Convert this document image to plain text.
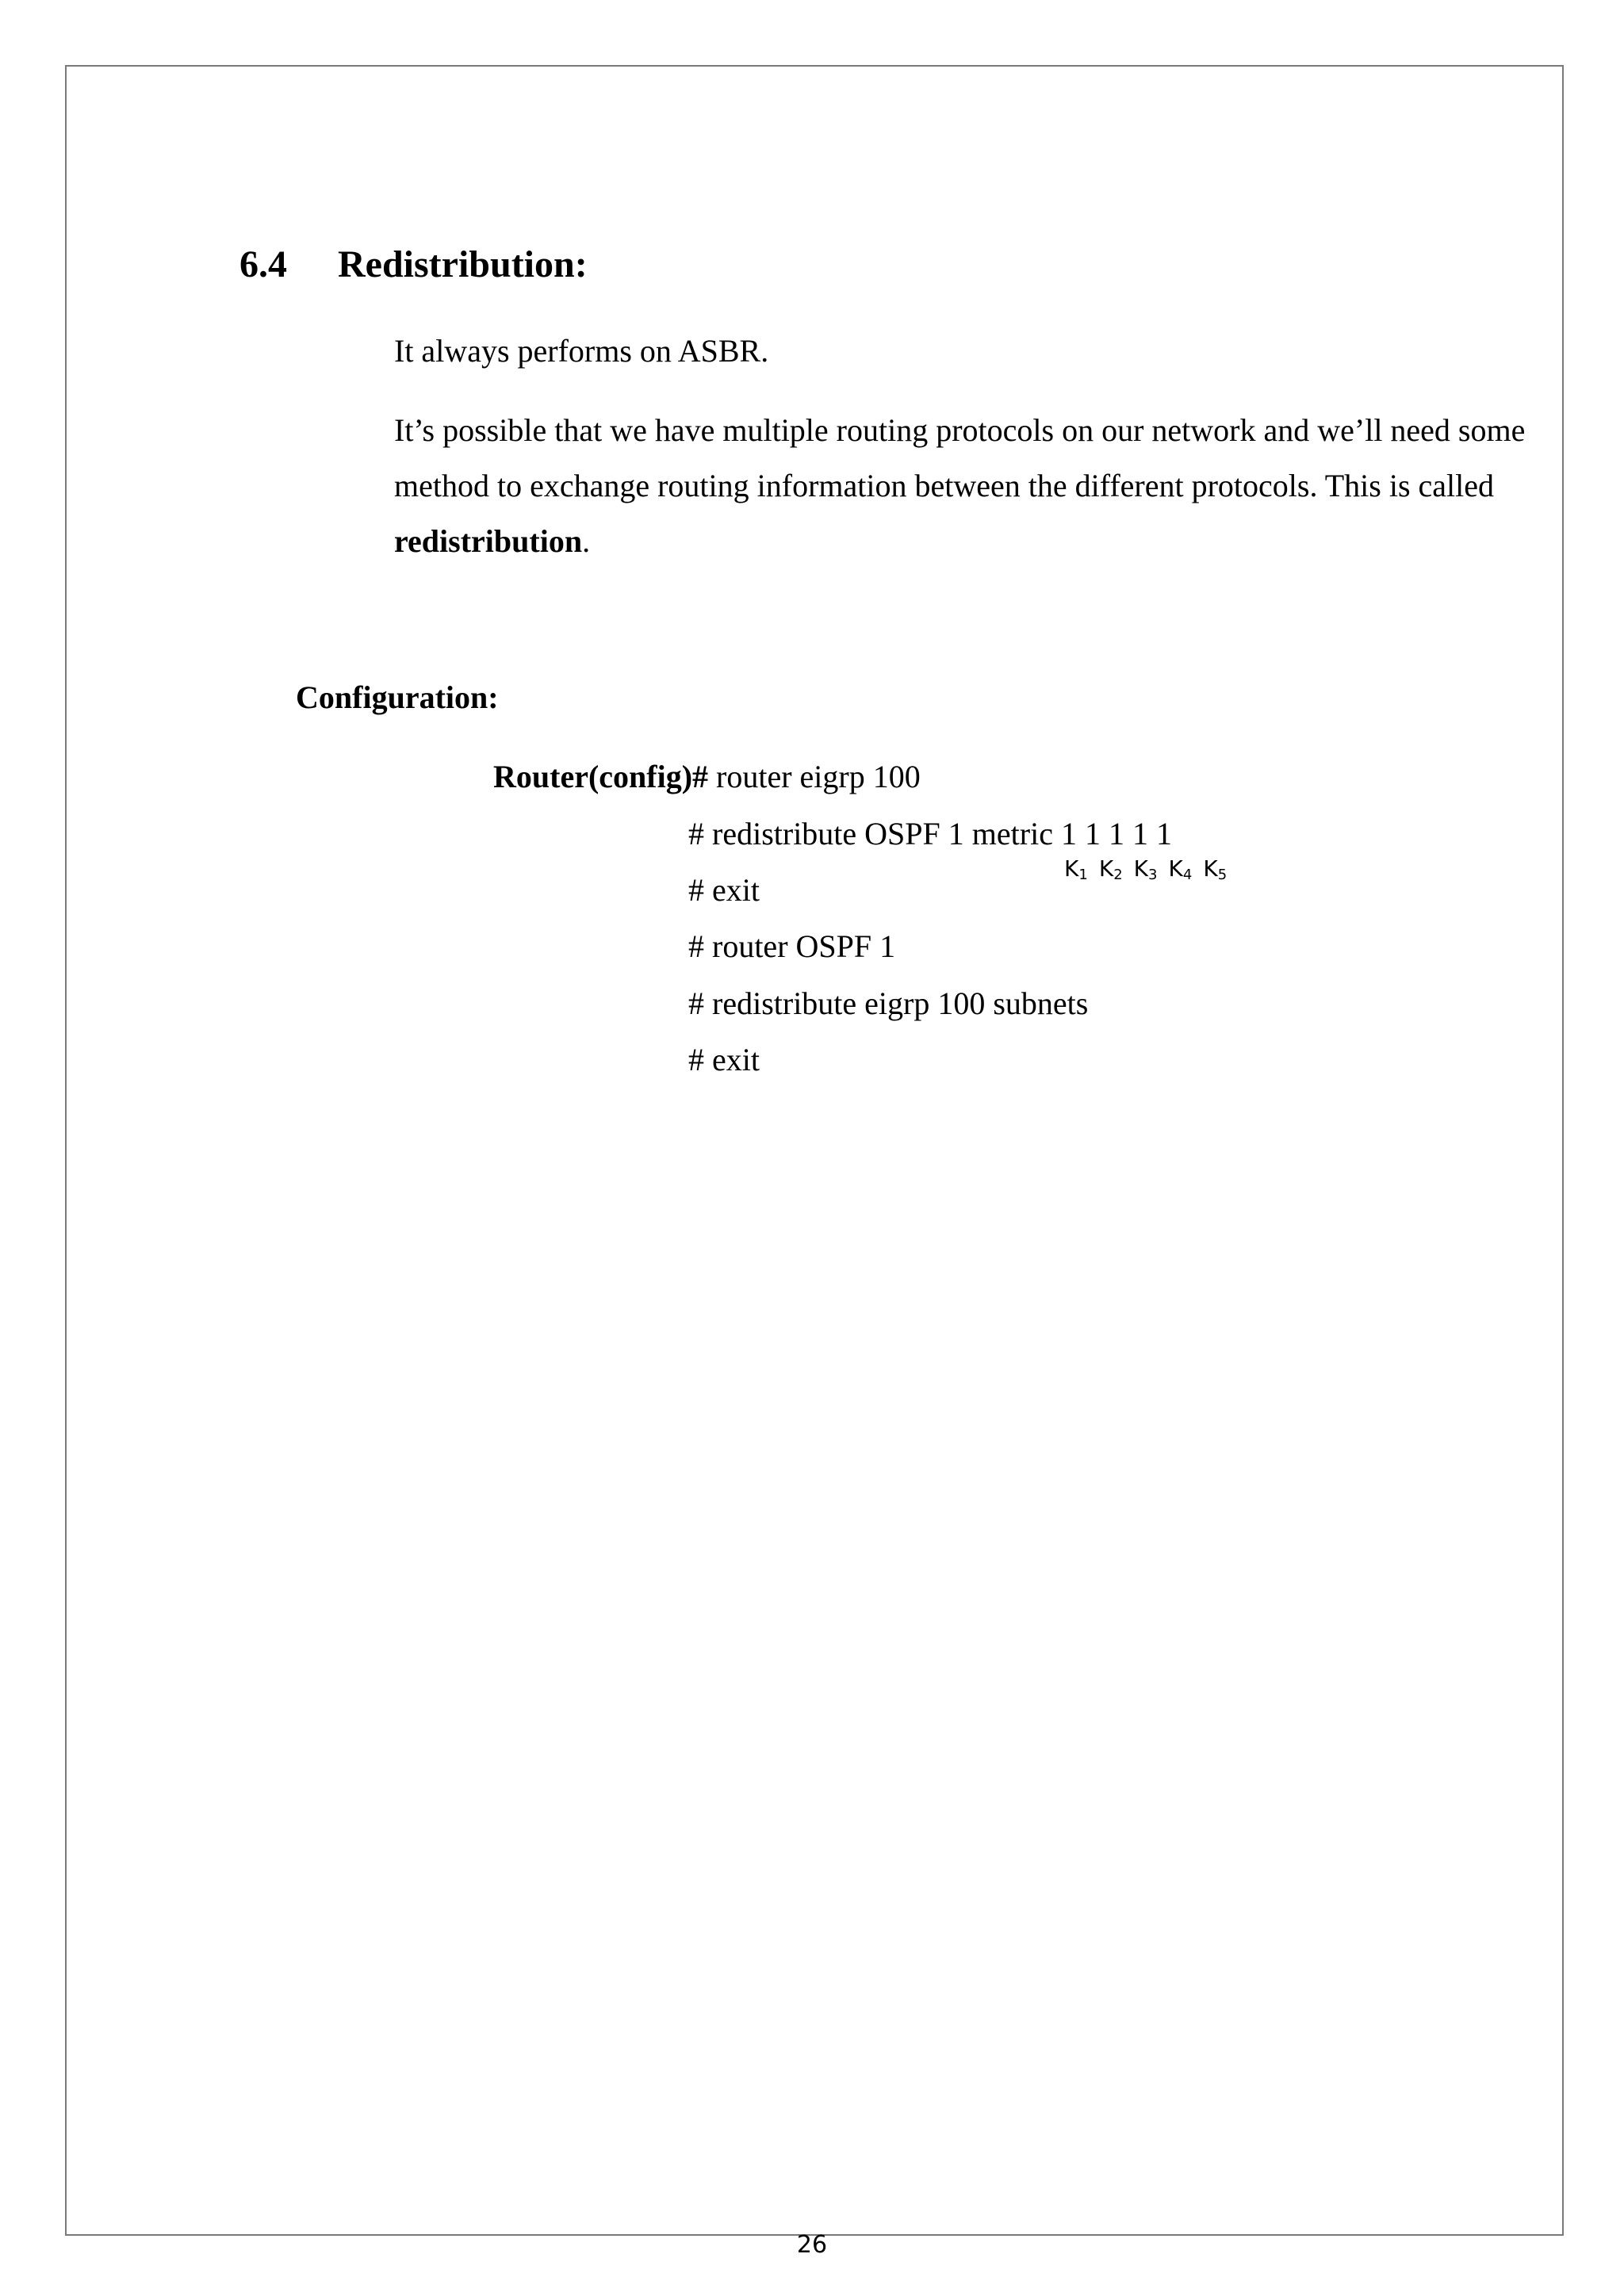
6.4 Redistribution:
It always performs on ASBR.
It’s possible that we have multiple routing protocols on our network and we’ll need some method to exchange routing information between the different protocols. This is called redistribution.
Configuration:
Router(config)# router eigrp 100
# redistribute OSPF 1 metric 1 1 1 1 1
# exit
# router OSPF 1
# redistribute eigrp 100 subnets
# exit
$K_1$ $K_2$ $K_3$ $K_4$ $K_5$
26
